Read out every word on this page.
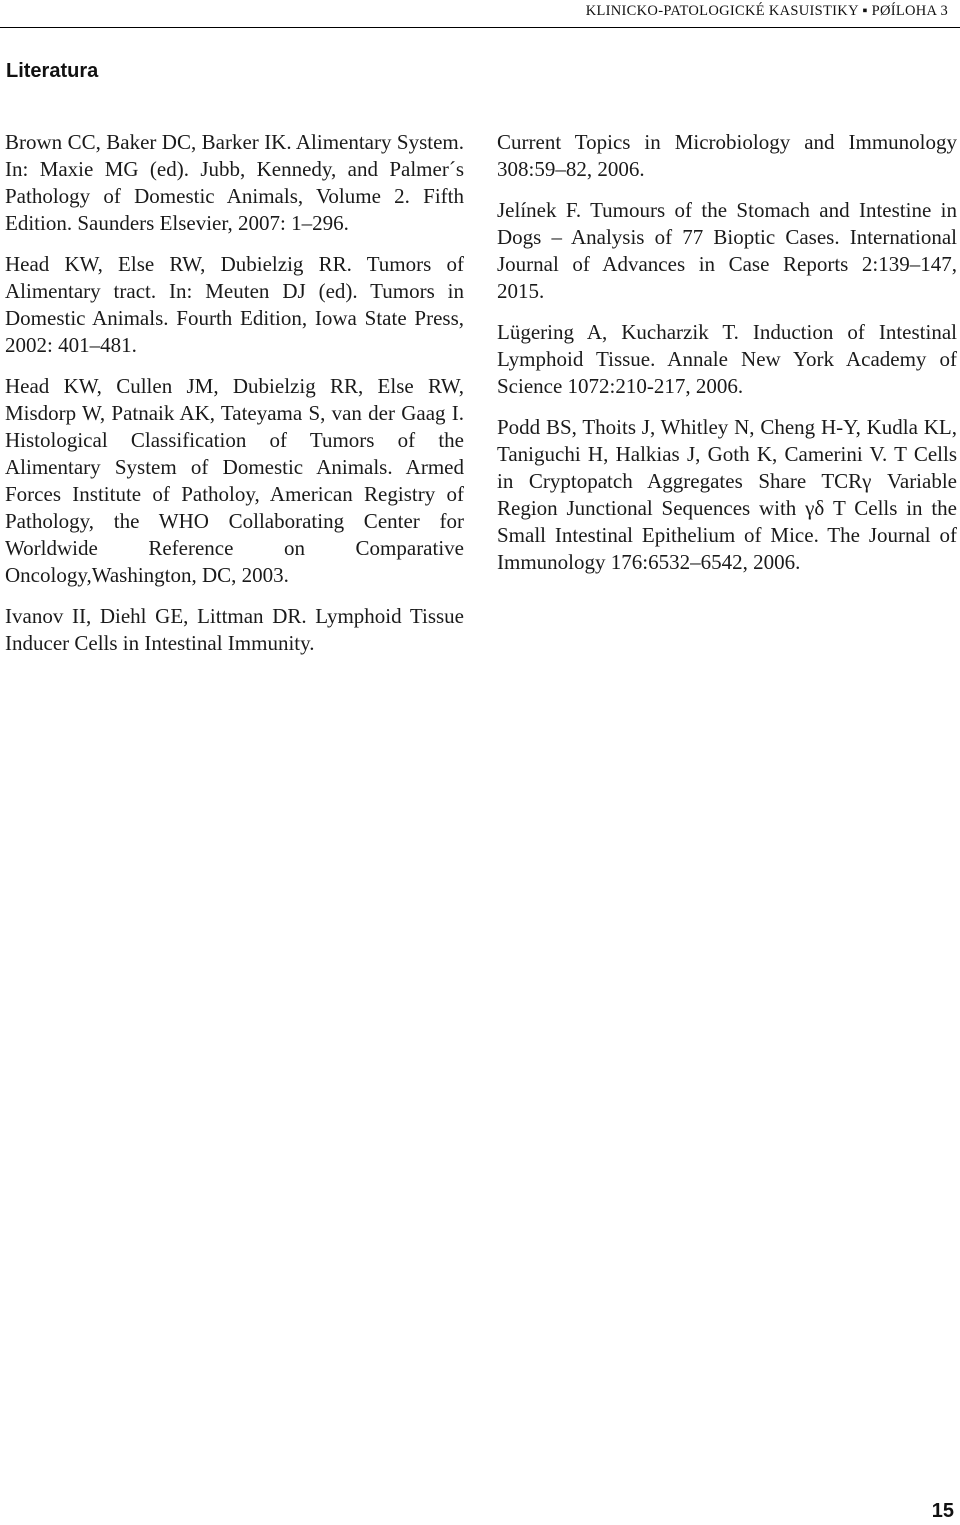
KLINICKO-PATOLOGICKÉ KASUISTIKY ▪ PØÍLOHA 3
Literatura

Brown CC, Baker DC, Barker IK. Alimentary System. In: Maxie MG (ed). Jubb, Kennedy, and Palmer´s Pathology of Domestic Animals, Volume 2. Fifth Edition. Saunders Elsevier, 2007: 1–296.

Head KW, Else RW, Dubielzig RR. Tumors of Alimentary tract. In: Meuten DJ (ed). Tumors in Domestic Animals. Fourth Edition, Iowa State Press, 2002: 401–481.

Head KW, Cullen JM, Dubielzig RR, Else RW, Misdorp W, Patnaik AK, Tateyama S, van der Gaag I. Histological Classification of Tumors of the Alimentary System of Domestic Animals. Armed Forces Institute of Patholoy, American Registry of Pathology, the WHO Collaborating Center for Worldwide Reference on Comparative Oncology,Washington, DC, 2003.

Ivanov II, Diehl GE, Littman DR. Lymphoid Tissue Inducer Cells in Intestinal Immunity.

Current Topics in Microbiology and Immunology 308:59–82, 2006.

Jelínek F. Tumours of the Stomach and Intestine in Dogs – Analysis of 77 Bioptic Cases. International Journal of Advances in Case Reports 2:139–147, 2015.

Lügering A, Kucharzik T. Induction of Intestinal Lymphoid Tissue. Annale New York Academy of Science 1072:210-217, 2006.

Podd BS, Thoits J, Whitley N, Cheng H-Y, Kudla KL, Taniguchi H, Halkias J, Goth K, Camerini V. T Cells in Cryptopatch Aggregates Share TCRγ Variable Region Junctional Sequences with γδ T Cells in the Small Intestinal Epithelium of Mice. The Journal of Immunology 176:6532–6542, 2006.

15
